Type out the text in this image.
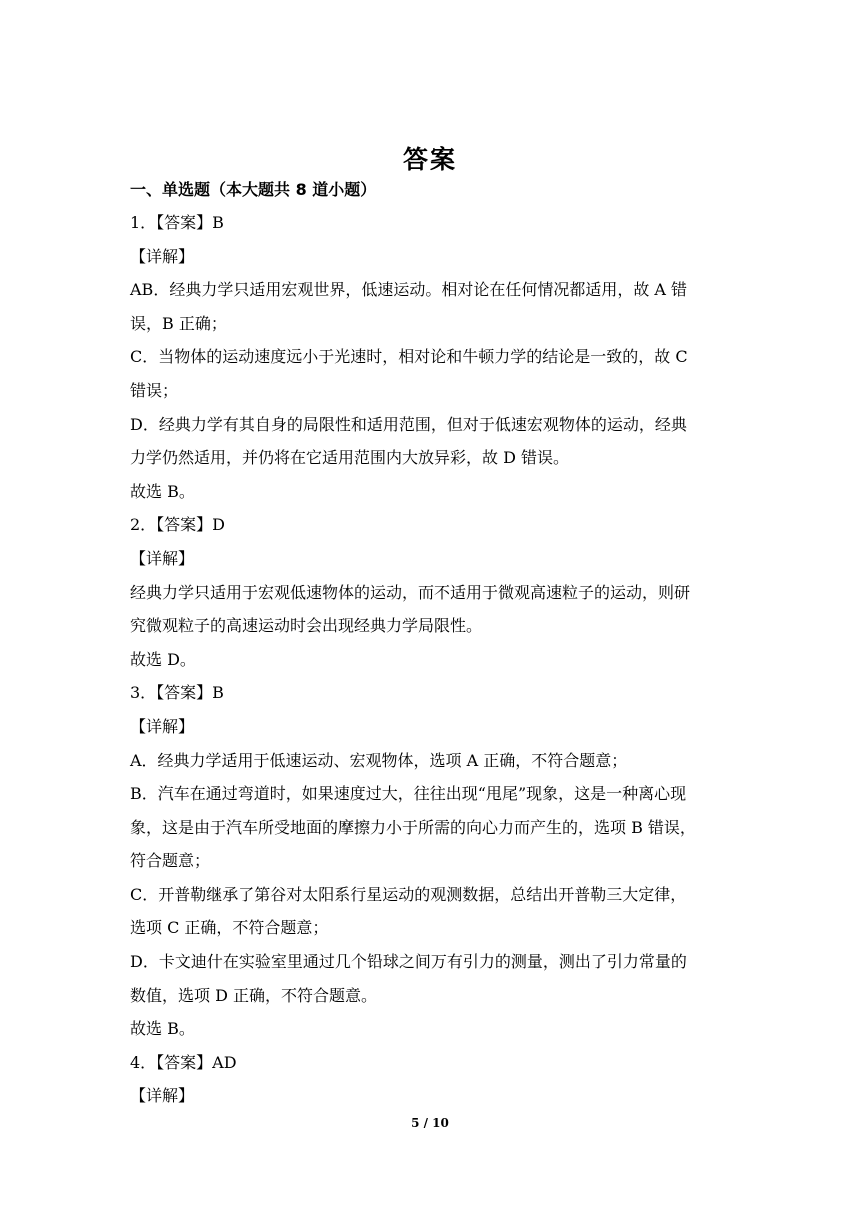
答案
一、单选题（本大题共 8 道小题）

1．【答案】B

【详解】

AB．经典力学只适用宏观世界，低速运动。相对论在任何情况都适用，故 A 错

误，B 正确；

C．当物体的运动速度远小于光速时，相对论和牛顿力学的结论是一致的，故 C

错误；

D．经典力学有其自身的局限性和适用范围，但对于低速宏观物体的运动，经典

力学仍然适用，并仍将在它适用范围内大放异彩，故 D 错误。

故选 B。

2．【答案】D

【详解】

经典力学只适用于宏观低速物体的运动，而不适用于微观高速粒子的运动，则研

究微观粒子的高速运动时会出现经典力学局限性。

故选 D。

3．【答案】B

【详解】

A．经典力学适用于低速运动、宏观物体，选项 A 正确，不符合题意；

B．汽车在通过弯道时，如果速度过大，往往出现“甩尾”现象，这是一种离心现

象，这是由于汽车所受地面的摩擦力小于所需的向心力而产生的，选项 B 错误，

符合题意；

C．开普勒继承了第谷对太阳系行星运动的观测数据，总结出开普勒三大定律，

选项 C 正确，不符合题意；

D．卡文迪什在实验室里通过几个铅球之间万有引力的测量，测出了引力常量的

数值，选项 D 正确，不符合题意。

故选 B。

4．【答案】AD

【详解】

5 / 10
